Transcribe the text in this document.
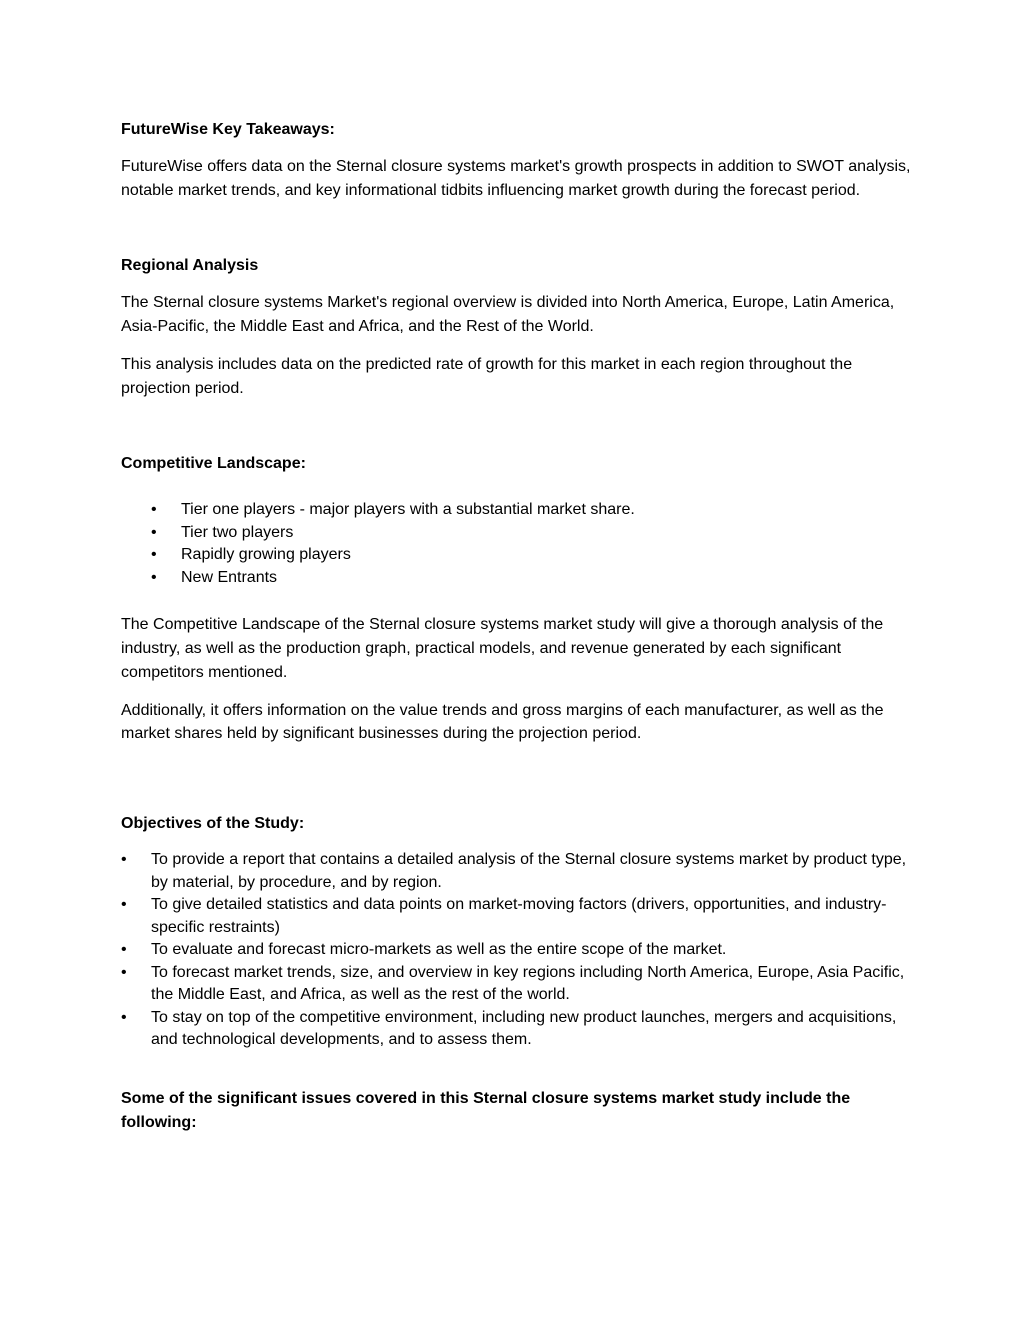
FutureWise Key Takeaways:

FutureWise offers data on the Sternal closure systems market's growth prospects in addition to SWOT analysis, notable market trends, and key informational tidbits influencing market growth during the forecast period.

Regional Analysis

The Sternal closure systems Market's regional overview is divided into North America, Europe, Latin America, Asia-Pacific, the Middle East and Africa, and the Rest of the World.

This analysis includes data on the predicted rate of growth for this market in each region throughout the projection period.

Competitive Landscape:

• Tier one players - major players with a substantial market share.
• Tier two players
• Rapidly growing players
• New Entrants

The Competitive Landscape of the Sternal closure systems market study will give a thorough analysis of the industry, as well as the production graph, practical models, and revenue generated by each significant competitors mentioned.

Additionally, it offers information on the value trends and gross margins of each manufacturer, as well as the market shares held by significant businesses during the projection period.

Objectives of the Study:

• To provide a report that contains a detailed analysis of the Sternal closure systems market by product type, by material, by procedure, and by region.
• To give detailed statistics and data points on market-moving factors (drivers, opportunities, and industry-specific restraints)
• To evaluate and forecast micro-markets as well as the entire scope of the market.
• To forecast market trends, size, and overview in key regions including North America, Europe, Asia Pacific, the Middle East, and Africa, as well as the rest of the world.
• To stay on top of the competitive environment, including new product launches, mergers and acquisitions, and technological developments, and to assess them.

Some of the significant issues covered in this Sternal closure systems market study include the following:
